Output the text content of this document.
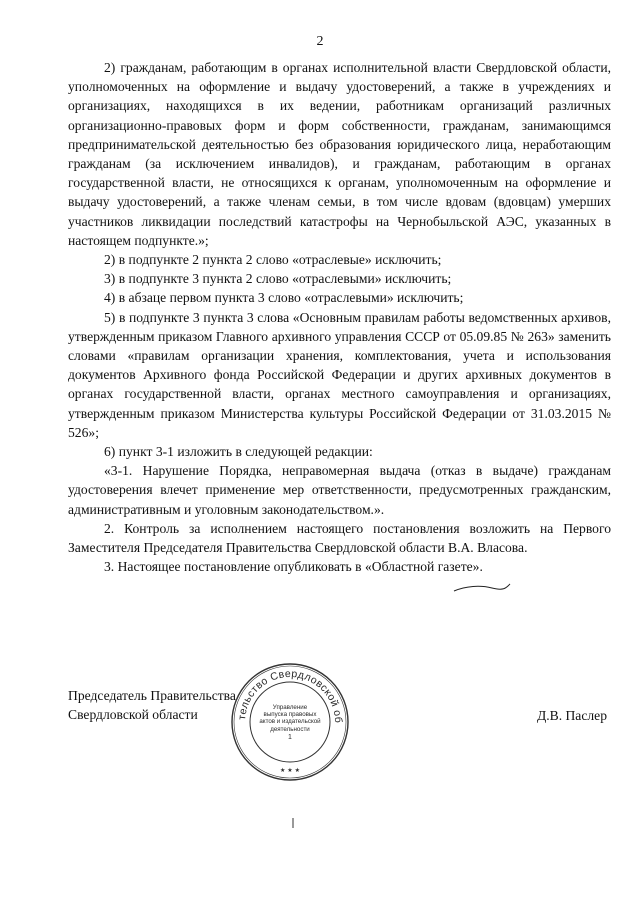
2

2) гражданам, работающим в органах исполнительной власти Свердловской области, уполномоченных на оформление и выдачу удостоверений, а также в учреждениях и организациях, находящихся в их ведении, работникам организаций различных организационно-правовых форм и форм собственности, гражданам, занимающимся предпринимательской деятельностью без образования юридического лица, неработающим гражданам (за исключением инвалидов), и гражданам, работающим в органах государственной власти, не относящихся к органам, уполномоченным на оформление и выдачу удостоверений, а также членам семьи, в том числе вдовам (вдовцам) умерших участников ликвидации последствий катастрофы на Чернобыльской АЭС, указанных в настоящем подпункте.»;

2) в подпункте 2 пункта 2 слово «отраслевые» исключить;

3) в подпункте 3 пункта 2 слово «отраслевыми» исключить;

4) в абзаце первом пункта 3 слово «отраслевыми» исключить;

5) в подпункте 3 пункта 3 слова «Основным правилам работы ведомственных архивов, утвержденным приказом Главного архивного управления СССР от 05.09.85 № 263» заменить словами «правилам организации хранения, комплектования, учета и использования документов Архивного фонда Российской Федерации и других архивных документов в органах государственной власти, органах местного самоуправления и организациях, утвержденным приказом Министерства культуры Российской Федерации от 31.03.2015 № 526»;

6) пункт 3-1 изложить в следующей редакции:

«3-1. Нарушение Порядка, неправомерная выдача (отказ в выдаче) гражданам удостоверения влечет применение мер ответственности, предусмотренных гражданским, административным и уголовным законодательством.».

2. Контроль за исполнением настоящего постановления возложить на Первого Заместителя Председателя Правительства Свердловской области В.А. Власова.

3. Настоящее постановление опубликовать в «Областной газете».

Председатель Правительства
Свердловской области	Д.В. Паслер
тельство Свердловской об
★ ★ ★
Управление
выпуска правовых
актов и издательской
деятельности
1
